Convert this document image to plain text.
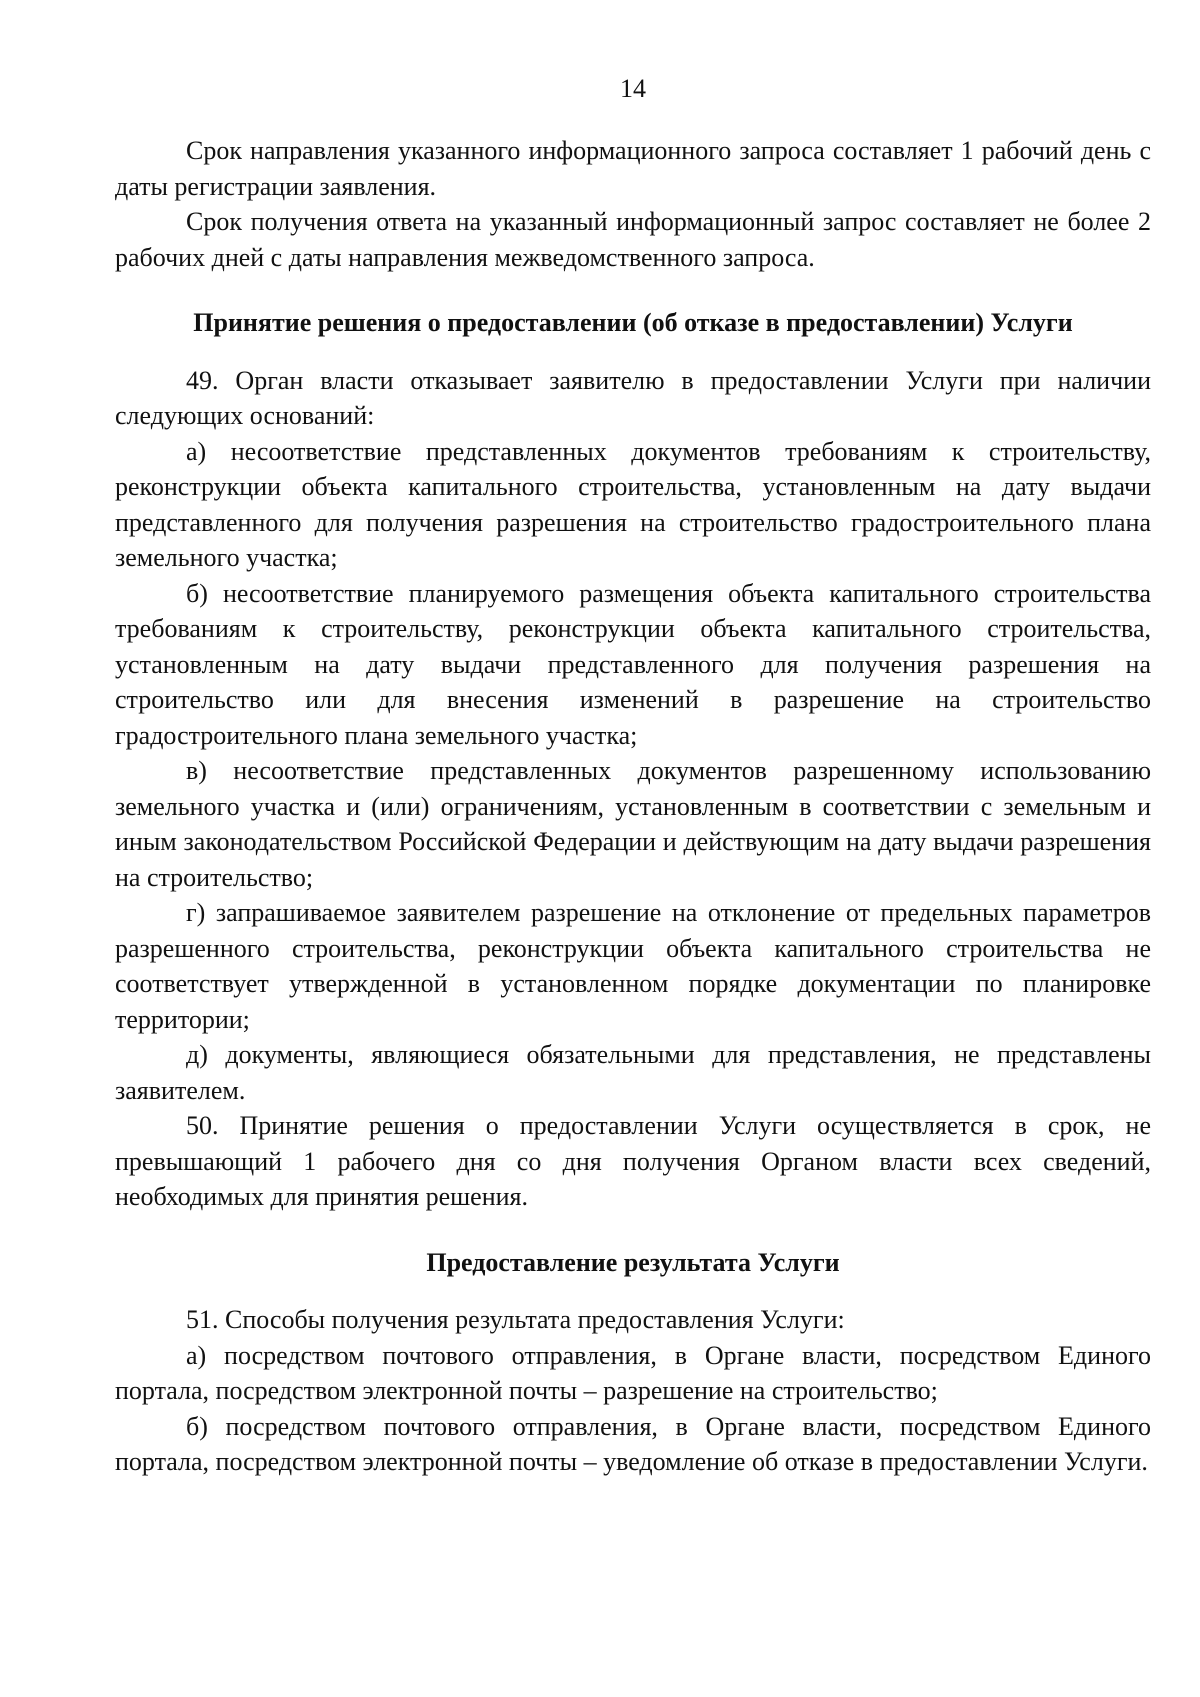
14

Срок направления указанного информационного запроса составляет 1 рабочий день с даты регистрации заявления.

Срок получения ответа на указанный информационный запрос составляет не более 2 рабочих дней с даты направления межведомственного запроса.

Принятие решения о предоставлении (об отказе в предоставлении) Услуги

49. Орган власти отказывает заявителю в предоставлении Услуги при наличии следующих оснований:

а) несоответствие представленных документов требованиям к строительству, реконструкции объекта капитального строительства, установленным на дату выдачи представленного для получения разрешения на строительство градостроительного плана земельного участка;

б) несоответствие планируемого размещения объекта капитального строительства требованиям к строительству, реконструкции объекта капитального строительства, установленным на дату выдачи представленного для получения разрешения на строительство или для внесения изменений в разрешение на строительство градостроительного плана земельного участка;

в) несоответствие представленных документов разрешенному использованию земельного участка и (или) ограничениям, установленным в соответствии с земельным и иным законодательством Российской Федерации и действующим на дату выдачи разрешения на строительство;

г) запрашиваемое заявителем разрешение на отклонение от предельных параметров разрешенного строительства, реконструкции объекта капитального строительства не соответствует утвержденной в установленном порядке документации по планировке территории;

д) документы, являющиеся обязательными для представления, не представлены заявителем.

50. Принятие решения о предоставлении Услуги осуществляется в срок, не превышающий 1 рабочего дня со дня получения Органом власти всех сведений, необходимых для принятия решения.

Предоставление результата Услуги

51. Способы получения результата предоставления Услуги:

а) посредством почтового отправления, в Органе власти, посредством Единого портала, посредством электронной почты – разрешение на строительство;

б) посредством почтового отправления, в Органе власти, посредством Единого портала, посредством электронной почты – уведомление об отказе в предоставлении Услуги.
